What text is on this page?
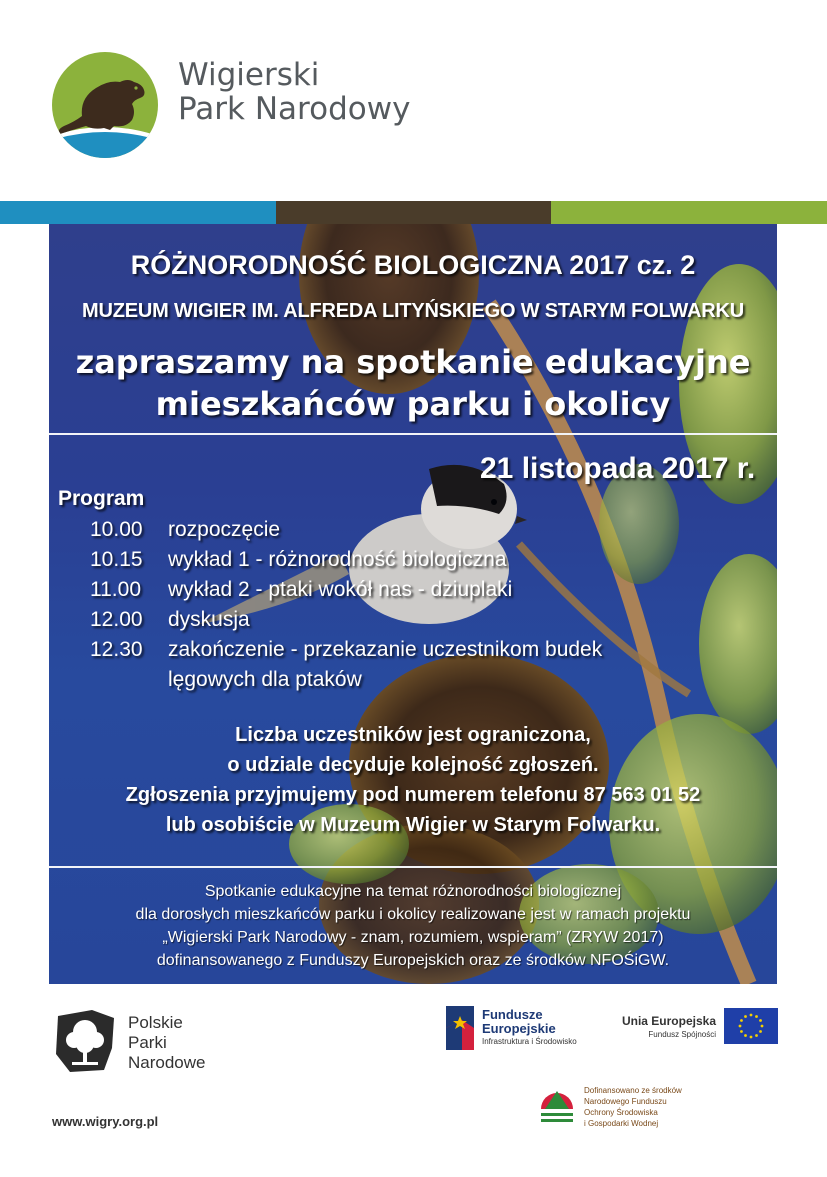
Wigierski
Park Narodowy
RÓŻNORODNOŚĆ BIOLOGICZNA 2017 cz. 2
MUZEUM WIGIER IM. ALFREDA LITYŃSKIEGO W STARYM FOLWARKU
zapraszamy na spotkanie edukacyjne
mieszkańców parku i okolicy
21 listopada 2017 r.
Program
10.00 rozpoczęcie
10.15 wykład 1 - różnorodność biologiczna
11.00 wykład 2 - ptaki wokół nas - dziuplaki
12.00 dyskusja
12.30 zakończenie - przekazanie uczestnikom budek
lęgowych dla ptaków
Liczba uczestników jest ograniczona,
o udziale decyduje kolejność zgłoszeń.
Zgłoszenia przyjmujemy pod numerem telefonu 87 563 01 52
lub osobiście w Muzeum Wigier w Starym Folwarku.
Spotkanie edukacyjne na temat różnorodności biologicznej
dla dorosłych mieszkańców parku i okolicy realizowane jest w ramach projektu
„Wigierski Park Narodowy - znam, rozumiem, wspieram” (ZRYW 2017)
dofinansowanego z Funduszy Europejskich oraz ze środków NFOŚiGW.
Polskie
Parki
Narodowe
www.wigry.org.pl
Fundusze
Europejskie
Infrastruktura i Środowisko
Unia Europejska
Fundusz Spójności
Dofinansowano ze środków
Narodowego Funduszu
Ochrony Środowiska
i Gospodarki Wodnej
